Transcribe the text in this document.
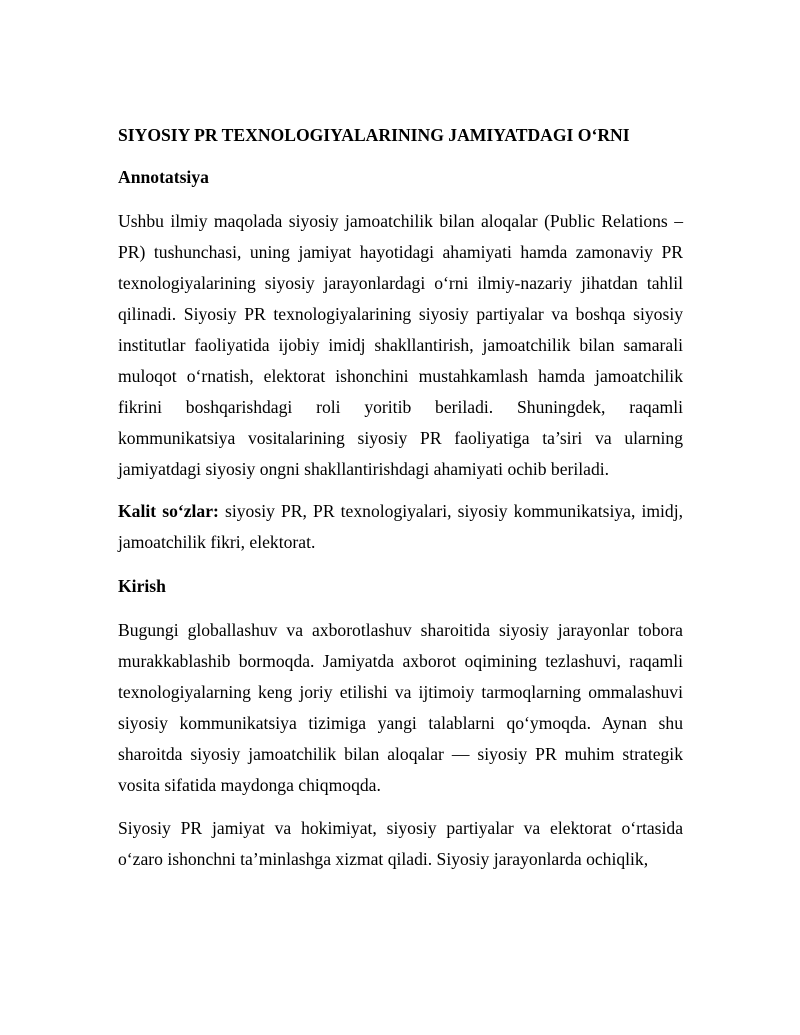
SIYOSIY PR TEXNOLOGIYALARINING JAMIYATDAGI O‘RNI
Annotatsiya

Ushbu ilmiy maqolada siyosiy jamoatchilik bilan aloqalar (Public Relations – PR) tushunchasi, uning jamiyat hayotidagi ahamiyati hamda zamonaviy PR texnologiyalarining siyosiy jarayonlardagi o‘rni ilmiy-nazariy jihatdan tahlil qilinadi. Siyosiy PR texnologiyalarining siyosiy partiyalar va boshqa siyosiy institutlar faoliyatida ijobiy imidj shakllantirish, jamoatchilik bilan samarali muloqot o‘rnatish, elektorat ishonchini mustahkamlash hamda jamoatchilik fikrini boshqarishdagi roli yoritib beriladi. Shuningdek, raqamli kommunikatsiya vositalarining siyosiy PR faoliyatiga ta’siri va ularning jamiyatdagi siyosiy ongni shakllantirishdagi ahamiyati ochib beriladi.

Kalit so‘zlar: siyosiy PR, PR texnologiyalari, siyosiy kommunikatsiya, imidj, jamoatchilik fikri, elektorat.

Kirish

Bugungi globallashuv va axborotlashuv sharoitida siyosiy jarayonlar tobora murakkablashib bormoqda. Jamiyatda axborot oqimining tezlashuvi, raqamli texnologiyalarning keng joriy etilishi va ijtimoiy tarmoqlarning ommalashuvi siyosiy kommunikatsiya tizimiga yangi talablarni qo‘ymoqda. Aynan shu sharoitda siyosiy jamoatchilik bilan aloqalar — siyosiy PR muhim strategik vosita sifatida maydonga chiqmoqda.

Siyosiy PR jamiyat va hokimiyat, siyosiy partiyalar va elektorat o‘rtasida o‘zaro ishonchni ta’minlashga xizmat qiladi. Siyosiy jarayonlarda ochiqlik,
